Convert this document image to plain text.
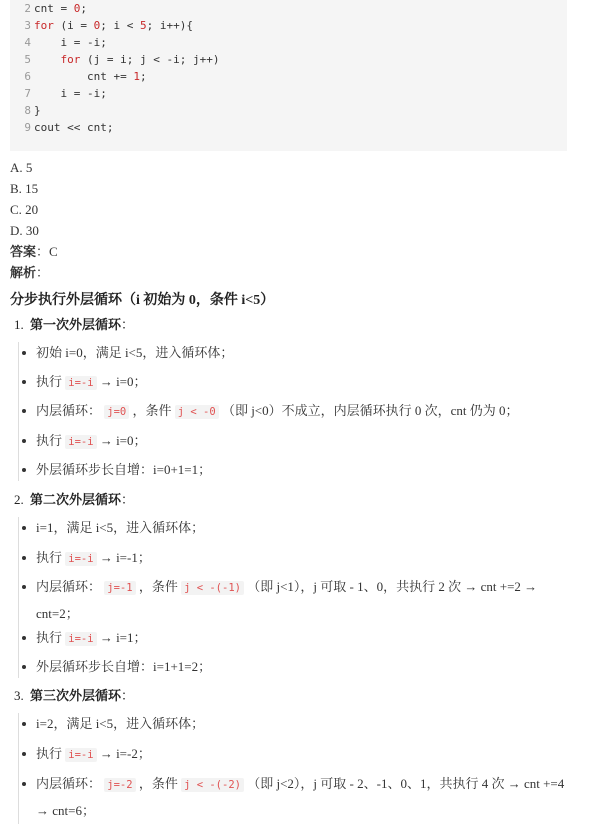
2 cnt = 0;
3 for (i = 0; i < 5; i++){
4    i = -i;
5	for (j = i; j < -i; j++)
6        cnt += 1;
7    i = -i;
8 }
9 cout << cnt;
A. 5
B. 15
C. 20
D. 30
答案：C
解析：
分步执行外层循环（i 初始为 0，条件 i<5）
1. 第一次外层循环：
初始 i=0，满足 i<5，进入循环体；
执行 i=-i → i=0；
内层循环： j=0 ，条件 j < -0 （即 j<0）不成立，内层循环执行 0 次，cnt 仍为 0；
执行 i=-i → i=0；
外层循环步长自增：i=0+1=1；
2. 第二次外层循环：
i=1，满足 i<5，进入循环体；
执行 i=-i → i=-1；
内层循环： j=-1 ，条件 j < -(-1) （即 j<1），j 可取 - 1、0，共执行 2 次 → cnt +=2 → cnt=2；
执行 i=-i → i=1；
外层循环步长自增：i=1+1=2；
3. 第三次外层循环：
i=2，满足 i<5，进入循环体；
执行 i=-i → i=-2；
内层循环： j=-2 ，条件 j < -(-2) （即 j<2），j 可取 - 2、-1、0、1，共执行 4 次 → cnt +=4 → cnt=6；
